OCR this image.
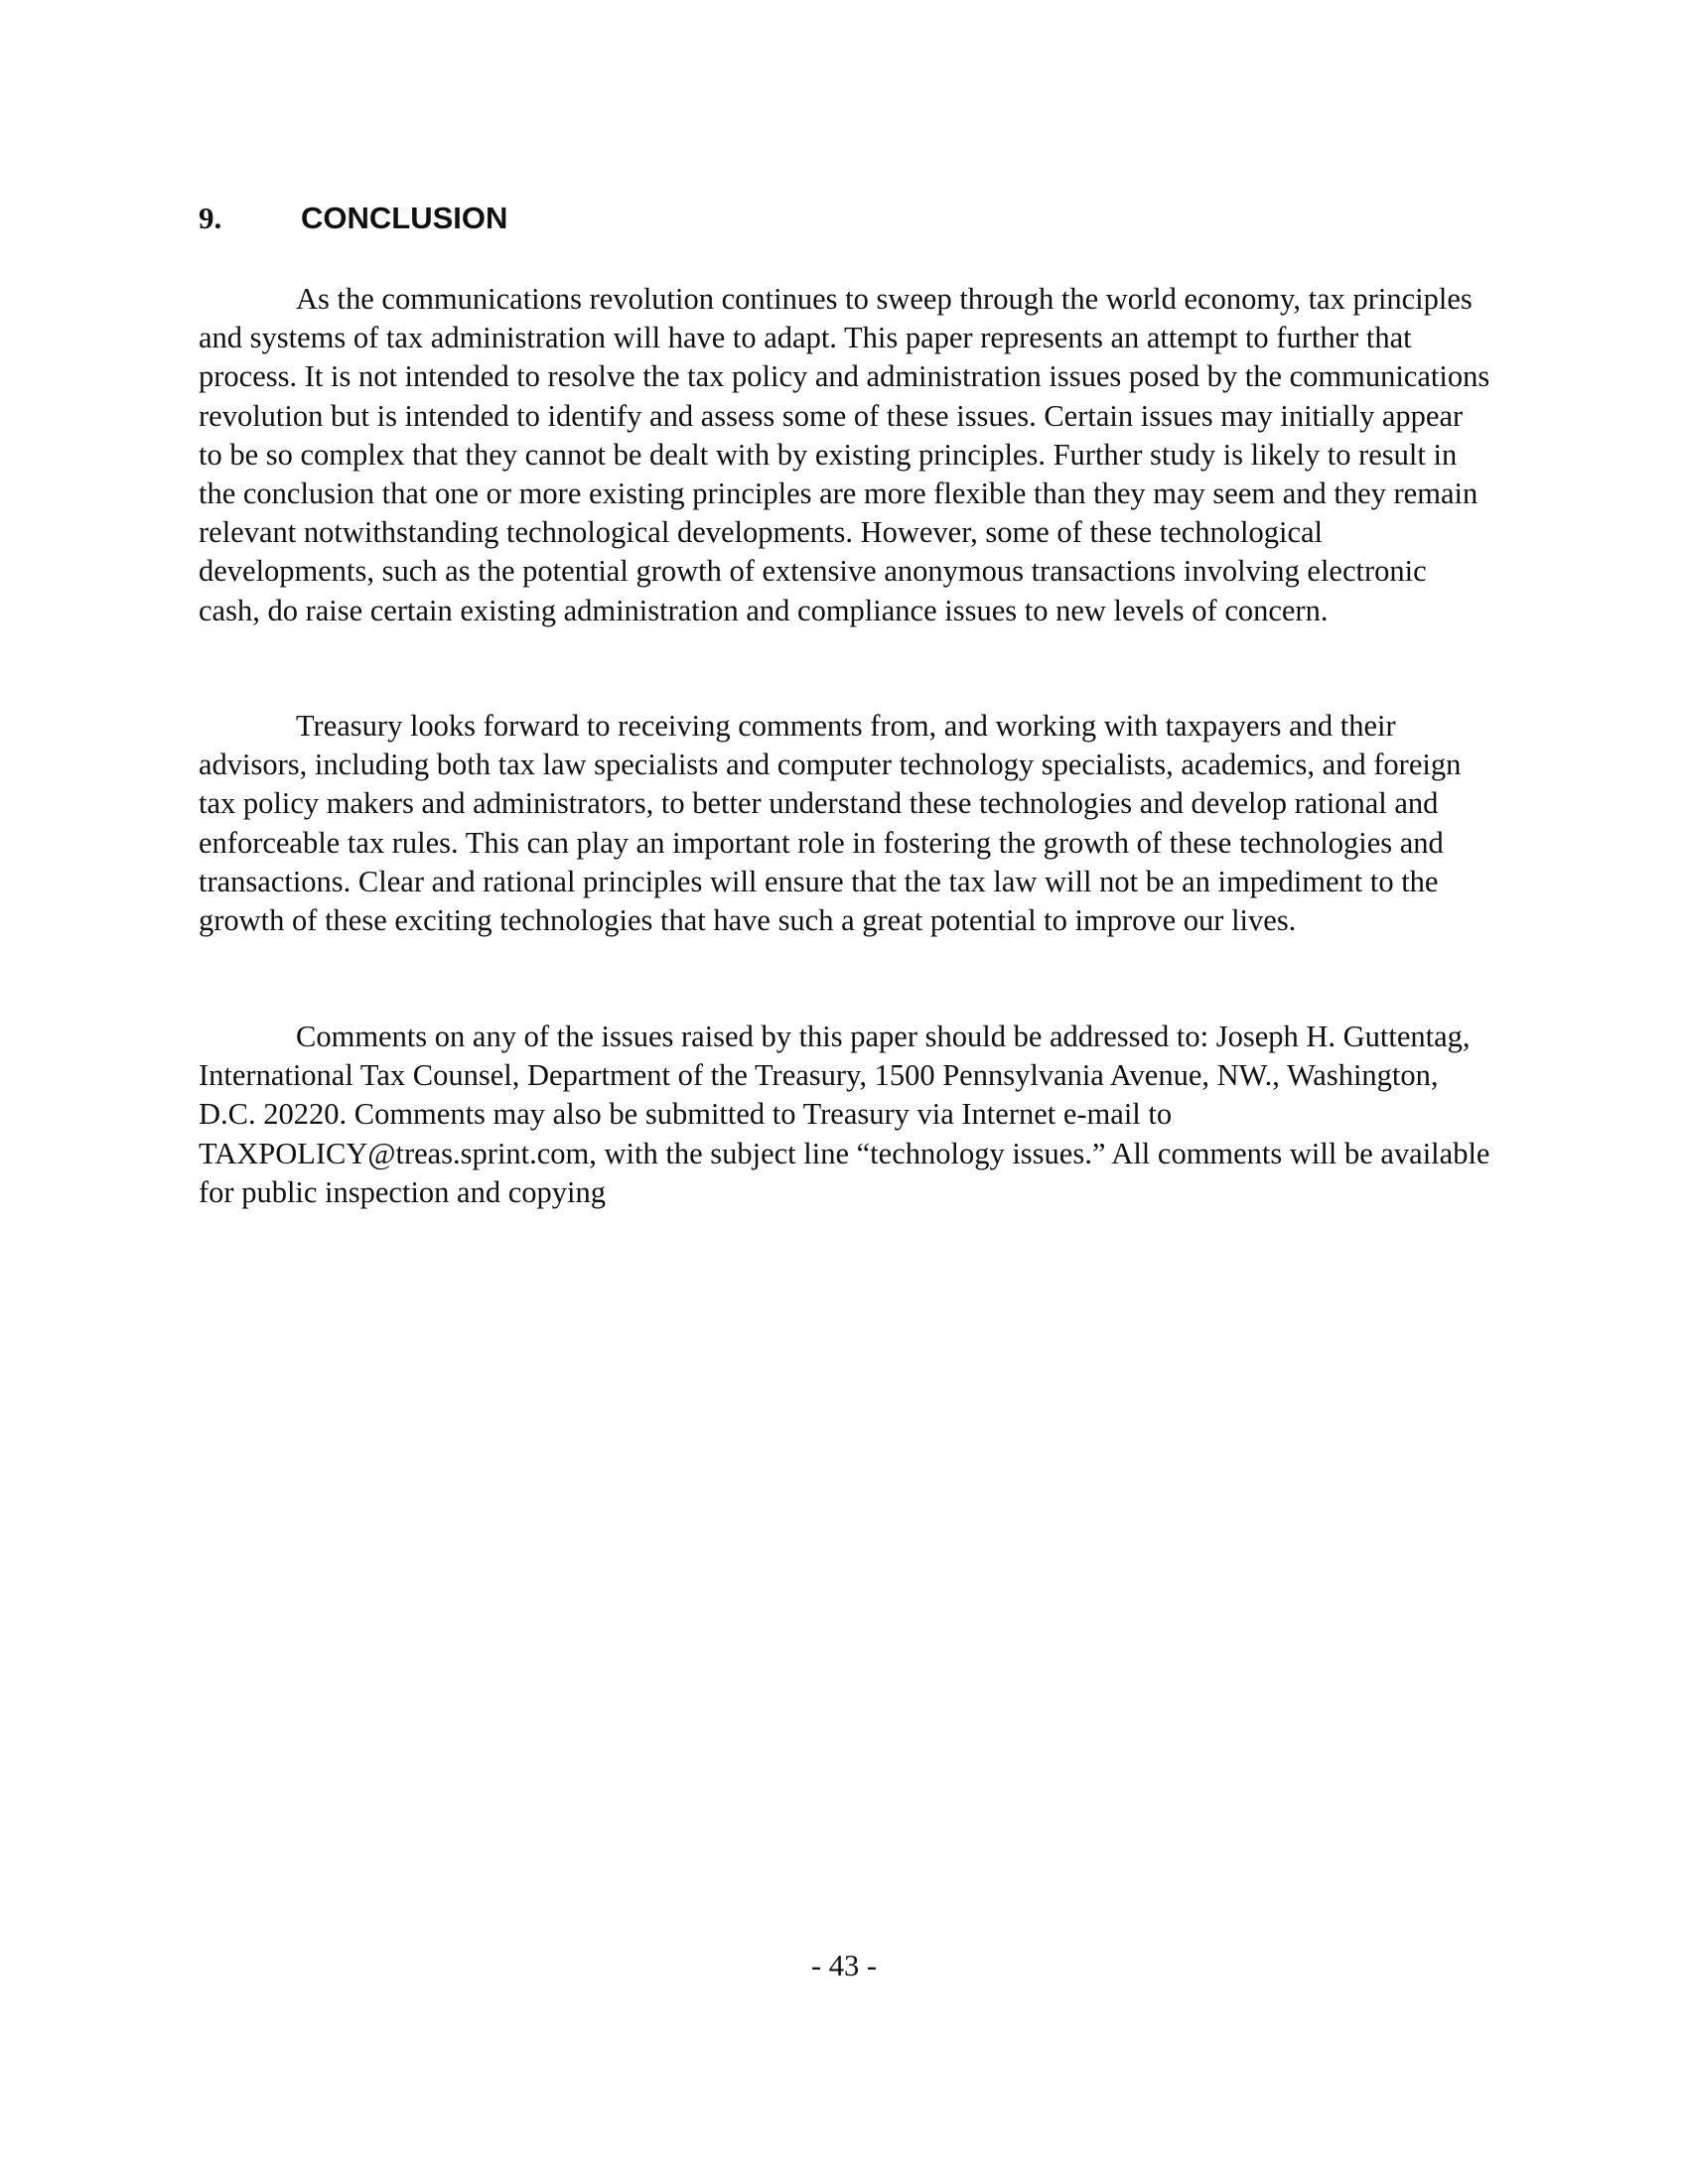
9.	CONCLUSION

As the communications revolution continues to sweep through the world economy, tax principles and systems of tax administration will have to adapt. This paper represents an attempt to further that process. It is not intended to resolve the tax policy and administration issues posed by the communications revolution but is intended to identify and assess some of these issues. Certain issues may initially appear to be so complex that they cannot be dealt with by existing principles. Further study is likely to result in the conclusion that one or more existing principles are more flexible than they may seem and they remain relevant notwithstanding technological developments. However, some of these technological developments, such as the potential growth of extensive anonymous transactions involving electronic cash, do raise certain existing administration and compliance issues to new levels of concern.

Treasury looks forward to receiving comments from, and working with taxpayers and their advisors, including both tax law specialists and computer technology specialists, academics, and foreign tax policy makers and administrators, to better understand these technologies and develop rational and enforceable tax rules. This can play an important role in fostering the growth of these technologies and transactions. Clear and rational principles will ensure that the tax law will not be an impediment to the growth of these exciting technologies that have such a great potential to improve our lives.

Comments on any of the issues raised by this paper should be addressed to: Joseph H. Guttentag, International Tax Counsel, Department of the Treasury, 1500 Pennsylvania Avenue, NW., Washington, D.C. 20220. Comments may also be submitted to Treasury via Internet e-mail to TAXPOLICY@treas.sprint.com, with the subject line “technology issues.” All comments will be available for public inspection and copying

- 43 -
